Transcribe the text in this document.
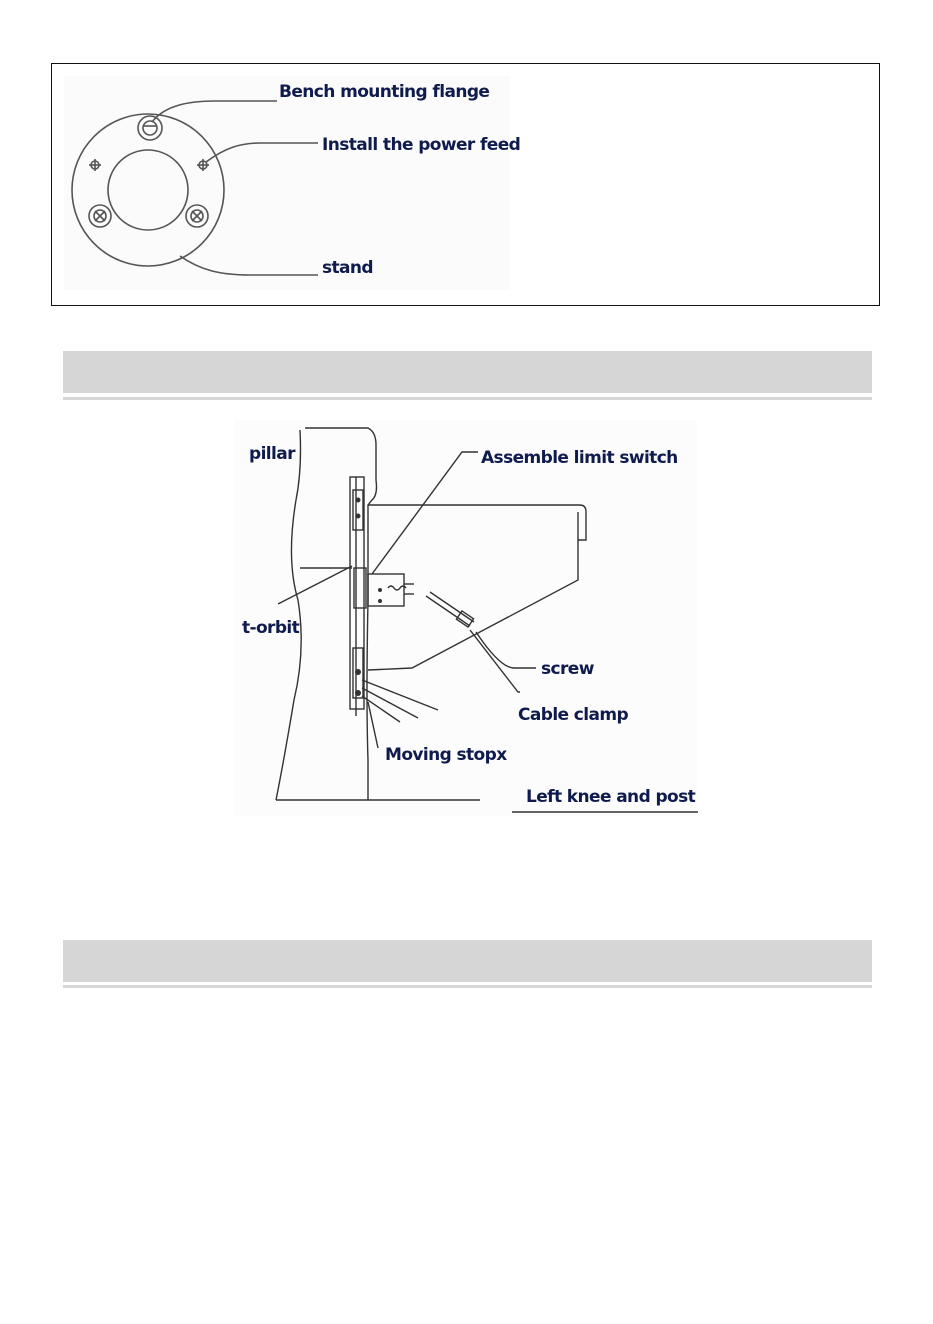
Bench mounting flange
Install the power feed
stand
pillar	Assemble limit switch
t-orbit
screw
Cable clamp
Moving stopx
Left knee and post
